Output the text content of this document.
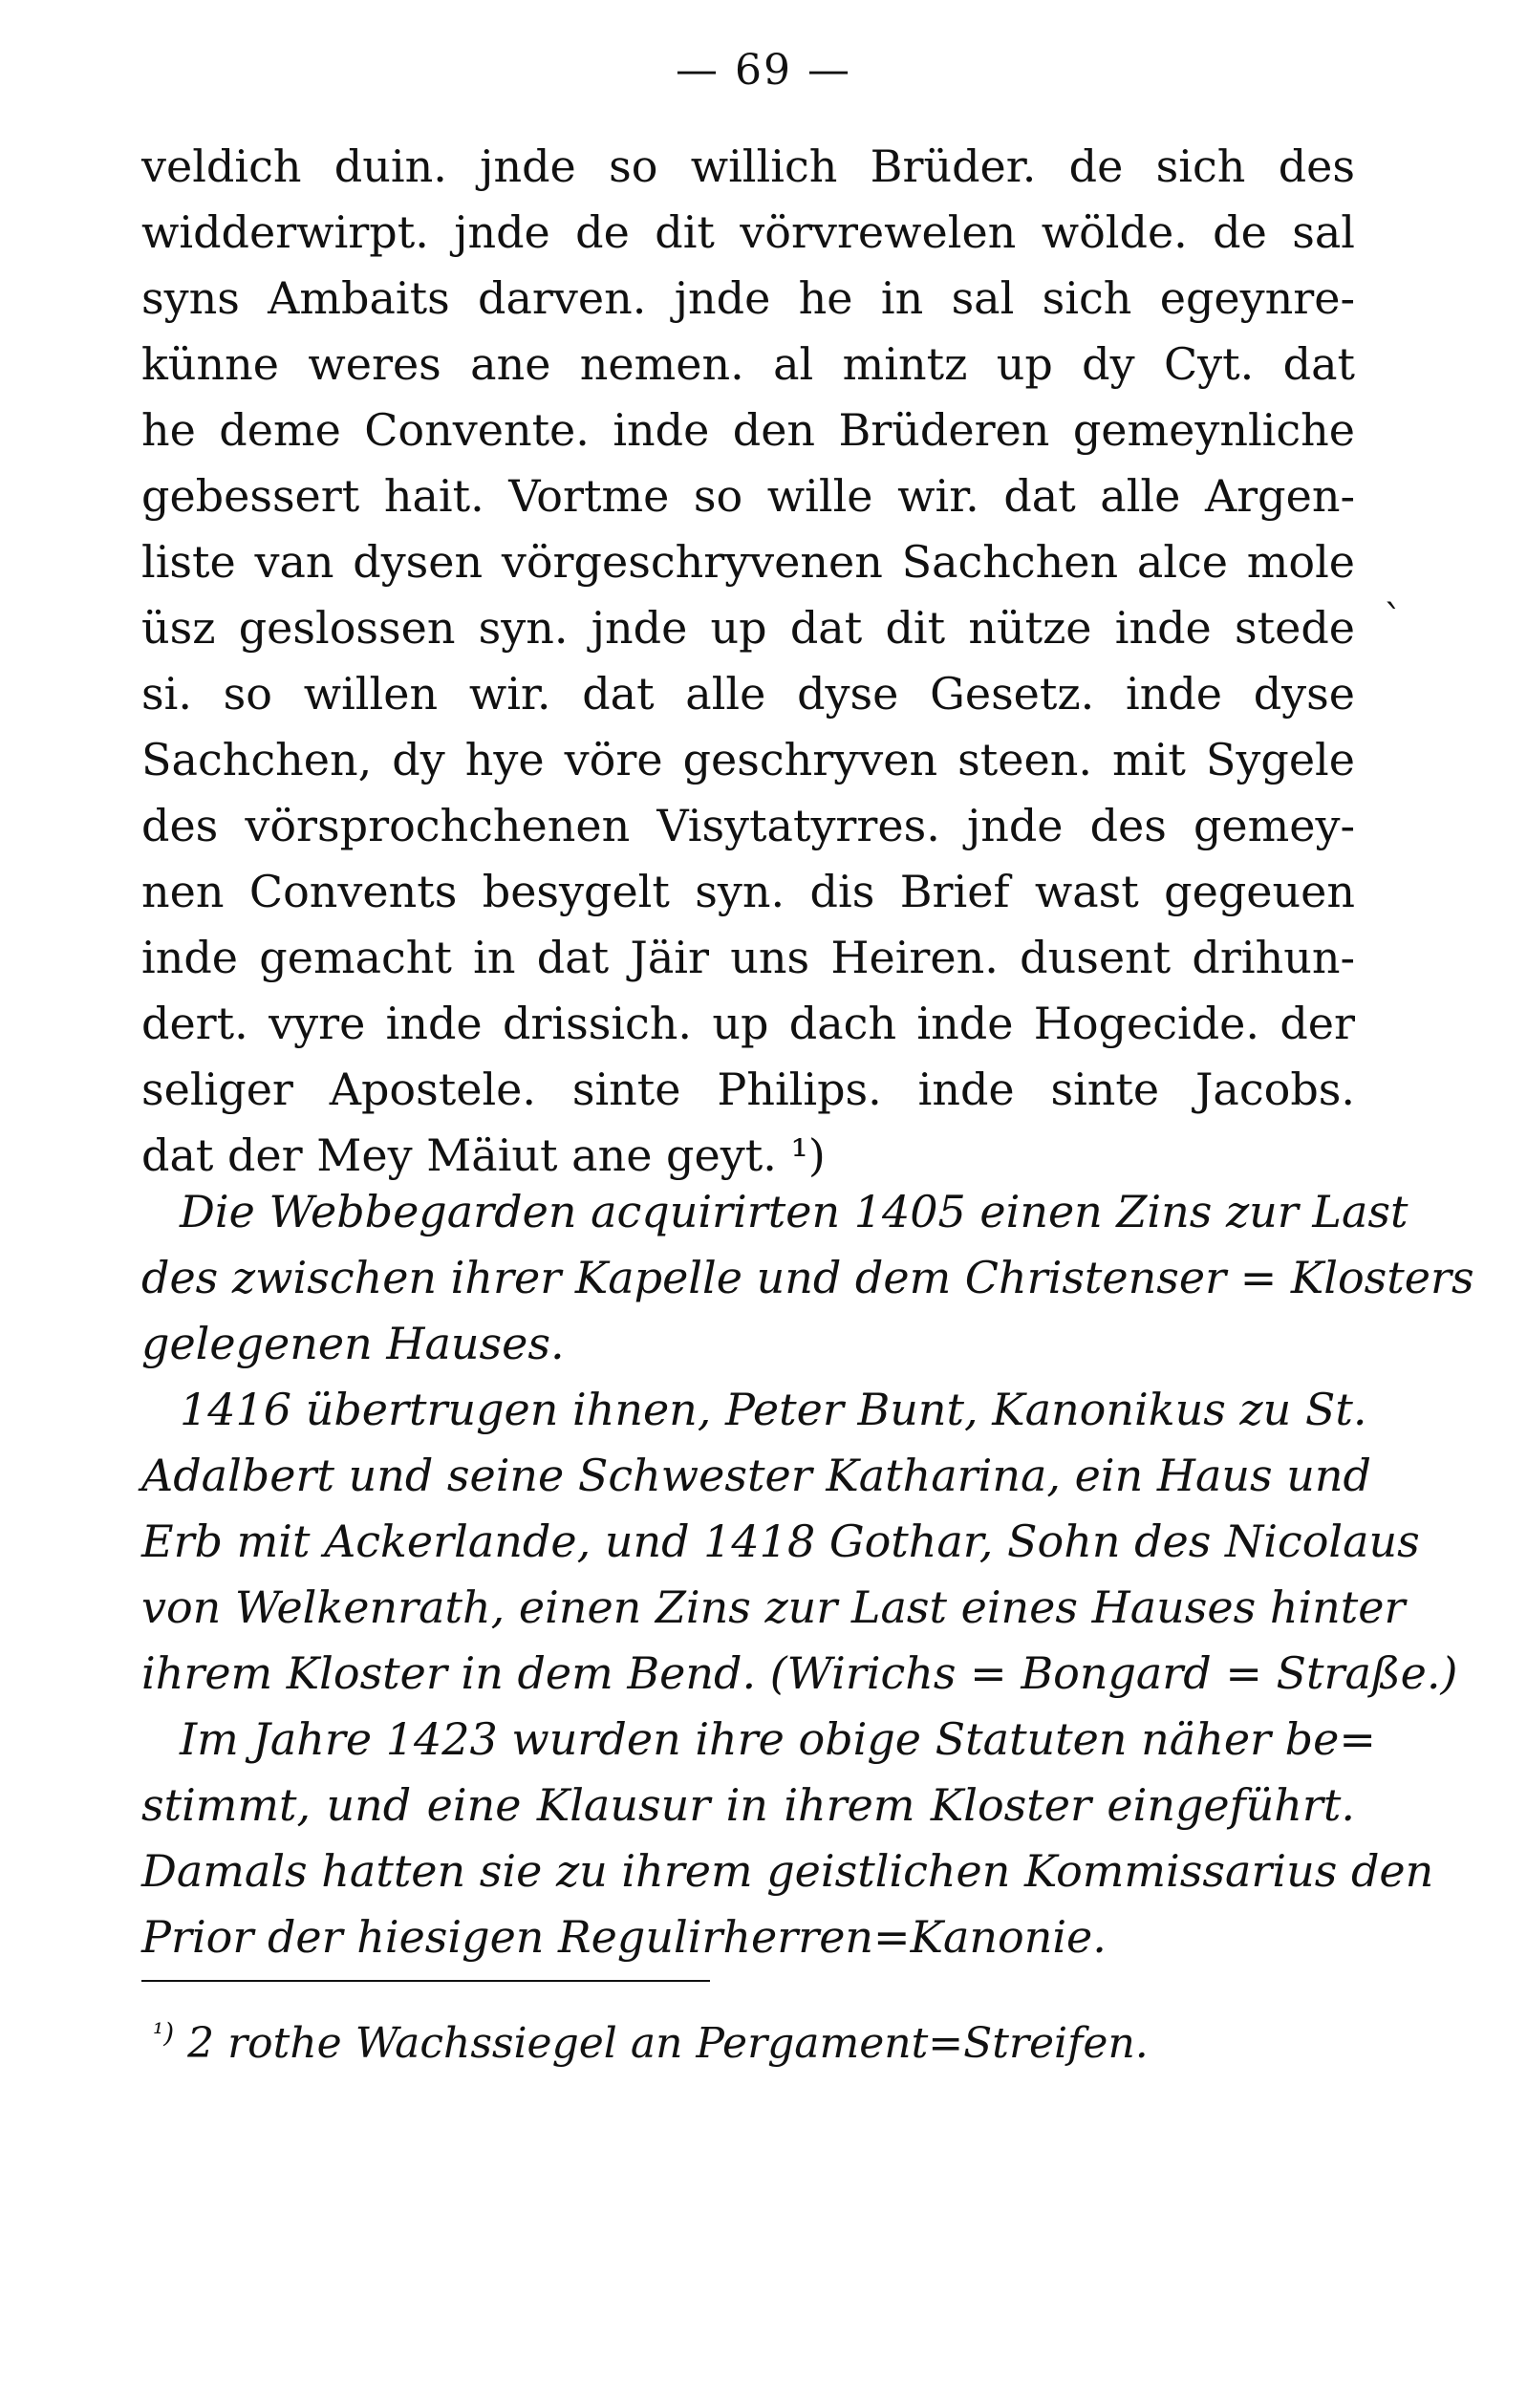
— 69 —
ˋ
veldich duin. jnde so willich Brüder. de sich des
widderwirpt. jnde de dit vörvrewelen wölde. de sal
syns Ambaits darven. jnde he in sal sich egeynre-
künne weres ane nemen. al mintz up dy Cyt. dat
he deme Convente. inde den Brüderen gemeynliche
gebessert hait. Vortme so wille wir. dat alle Argen-
liste van dysen vörgeschryvenen Sachchen alce mole
üsz geslossen syn. jnde up dat dit nütze inde stede
si. so willen wir. dat alle dyse Gesetz. inde dyse
Sachchen, dy hye vöre geschryven steen. mit Sygele
des vörsprochchenen Visytatyrres. jnde des gemey-
nen Convents besygelt syn. dis Brief wast gegeuen
inde gemacht in dat Jäir uns Heiren. dusent drihun-
dert. vyre inde drissich. up dach inde Hogecide. der
seliger Apostele. sinte Philips. inde sinte Jacobs.
dat der Mey Mäiut ane geyt. ¹)
Die Webbegarden acquirirten 1405 einen Zins zur Last
des zwischen ihrer Kapelle und dem Christenser = Klosters
gelegenen Hauses.
1416 übertrugen ihnen, Peter Bunt, Kanonikus zu St.
Adalbert und seine Schwester Katharina, ein Haus und
Erb mit Ackerlande, und 1418 Gothar, Sohn des Nicolaus
von Welkenrath, einen Zins zur Last eines Hauses hinter
ihrem Kloster in dem Bend. (Wirichs = Bongard = Straße.)
Im Jahre 1423 wurden ihre obige Statuten näher be=
stimmt, und eine Klausur in ihrem Kloster eingeführt.
Damals hatten sie zu ihrem geistlichen Kommissarius den
Prior der hiesigen Regulirherren=Kanonie.
$^{^1)}$ 2 rothe Wachssiegel an Pergament=Streifen.
